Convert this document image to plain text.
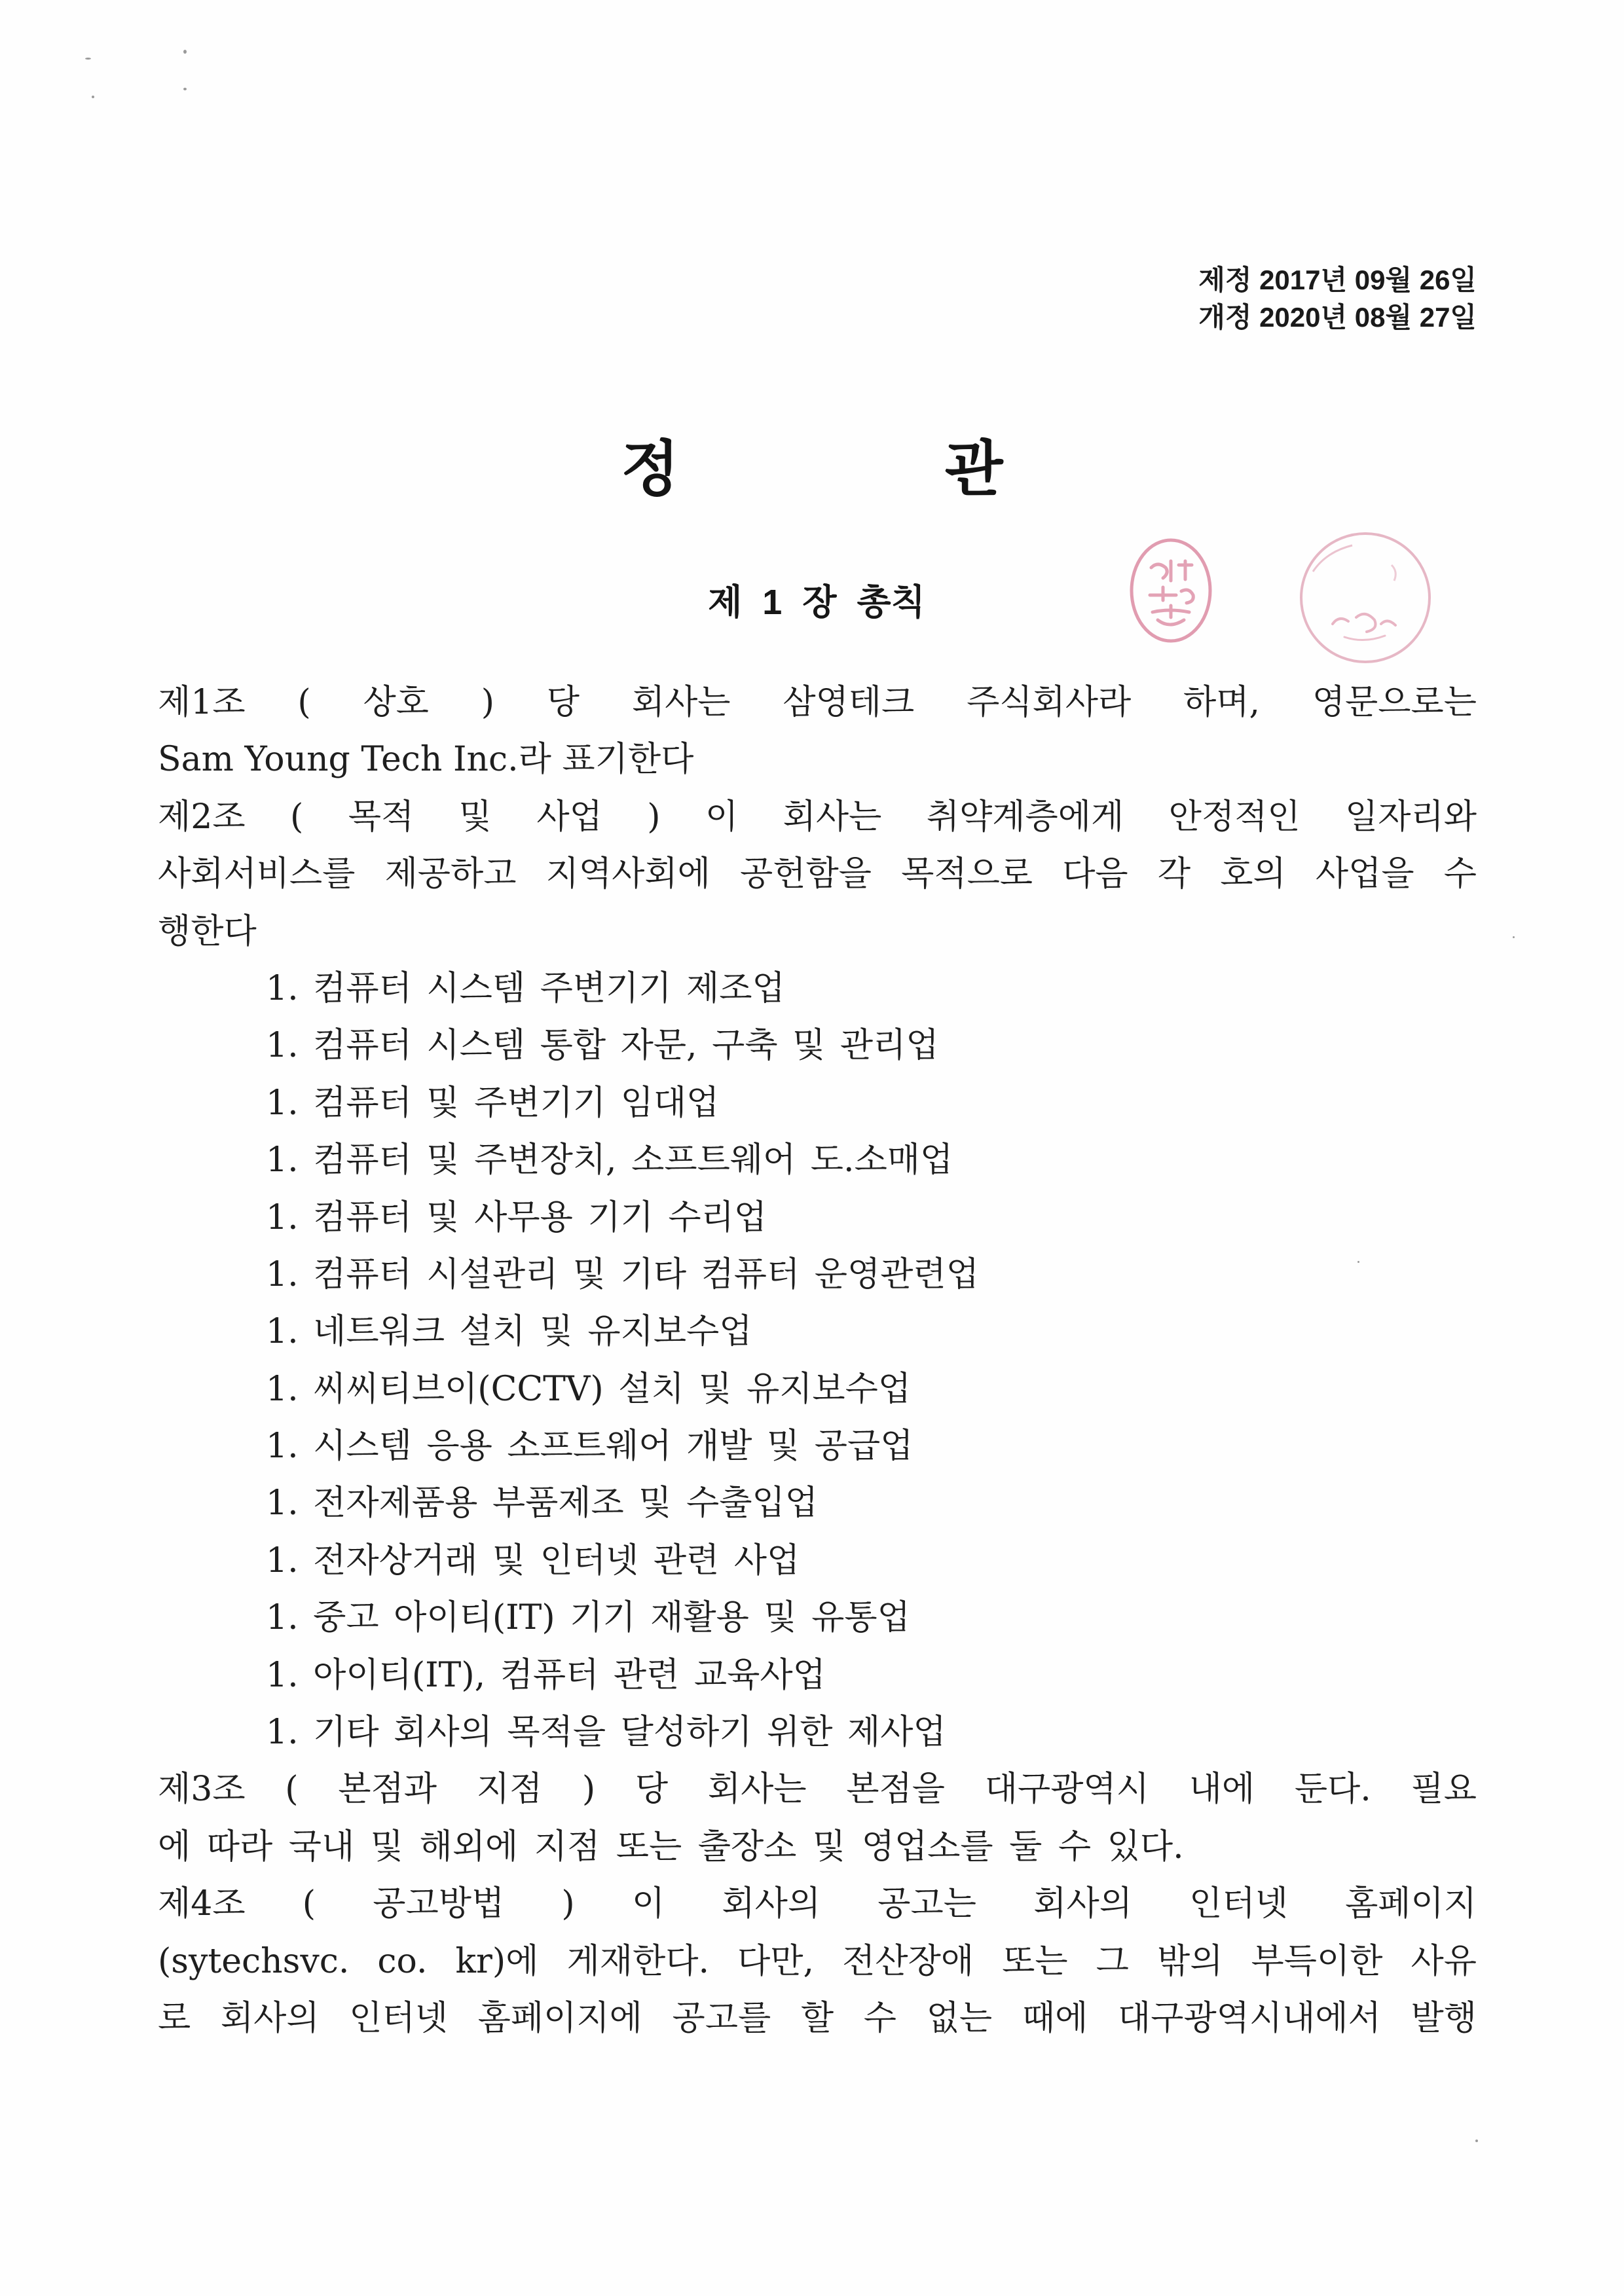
제정 2017년 09월 26일
개정 2020년 08월 27일
정 관
제 1 장 총칙
제1조 ( 상호 ) 당 회사는 삼영테크 주식회사라 하며, 영문으로는
Sam Young Tech Inc.라 표기한다
제2조 ( 목적 및 사업 ) 이 회사는 취약계층에게 안정적인 일자리와
사회서비스를 제공하고 지역사회에 공헌함을 목적으로 다음 각 호의 사업을 수
행한다
1. 컴퓨터 시스템 주변기기 제조업
1. 컴퓨터 시스템 통합 자문, 구축 및 관리업
1. 컴퓨터 및 주변기기 임대업
1. 컴퓨터 및 주변장치, 소프트웨어 도.소매업
1. 컴퓨터 및 사무용 기기 수리업
1. 컴퓨터 시설관리 및 기타 컴퓨터 운영관련업
1. 네트워크 설치 및 유지보수업
1. 씨씨티브이(CCTV) 설치 및 유지보수업
1. 시스템 응용 소프트웨어 개발 및 공급업
1. 전자제품용 부품제조 및 수출입업
1. 전자상거래 및 인터넷 관련 사업
1. 중고 아이티(IT) 기기 재활용 및 유통업
1. 아이티(IT), 컴퓨터 관련 교육사업
1. 기타 회사의 목적을 달성하기 위한 제사업
제3조 ( 본점과 지점 ) 당 회사는 본점을 대구광역시 내에 둔다. 필요
에 따라 국내 및 해외에 지점 또는 출장소 및 영업소를 둘 수 있다.
제4조 ( 공고방법 ) 이 회사의 공고는 회사의 인터넷 홈페이지
(sytechsvc. co. kr)에 게재한다. 다만, 전산장애 또는 그 밖의 부득이한 사유
로 회사의 인터넷 홈페이지에 공고를 할 수 없는 때에 대구광역시내에서 발행
